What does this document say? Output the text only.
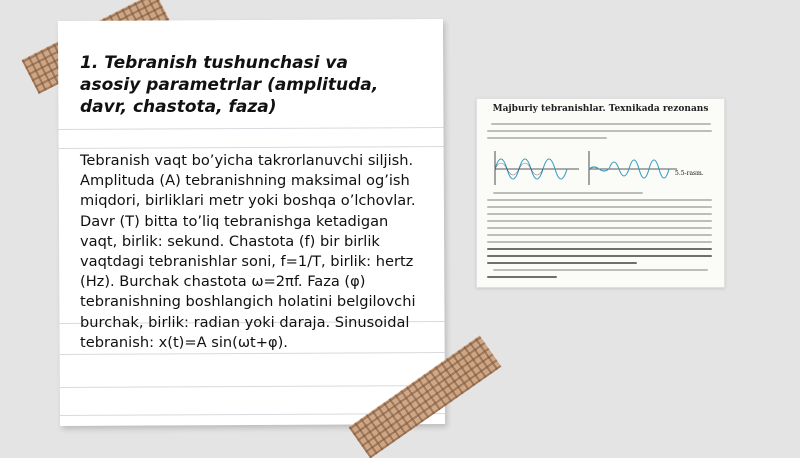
1. Tebranish tushunchasi va asosiy parametrlar (amplituda, davr, chastota, faza)
Tebranish vaqt bo’yicha takrorlanuvchi siljish. Amplituda (A) tebranishning maksimal og’ish miqdori, birliklari metr yoki boshqa o’lchovlar. Davr (T) bitta to’liq tebranishga ketadigan vaqt, birlik: sekund. Chastota (f) bir birlik vaqtdagi tebranishlar soni, f=1/T, birlik: hertz (Hz). Burchak chastota ω=2πf. Faza (φ) tebranishning boshlangich holatini belgilovchi burchak, birlik: radian yoki daraja. Sinusoidal tebranish: x(t)=A sin(ωt+φ).
Majburiy tebranishlar. Texnikada rezonans
5.5-rasm.
